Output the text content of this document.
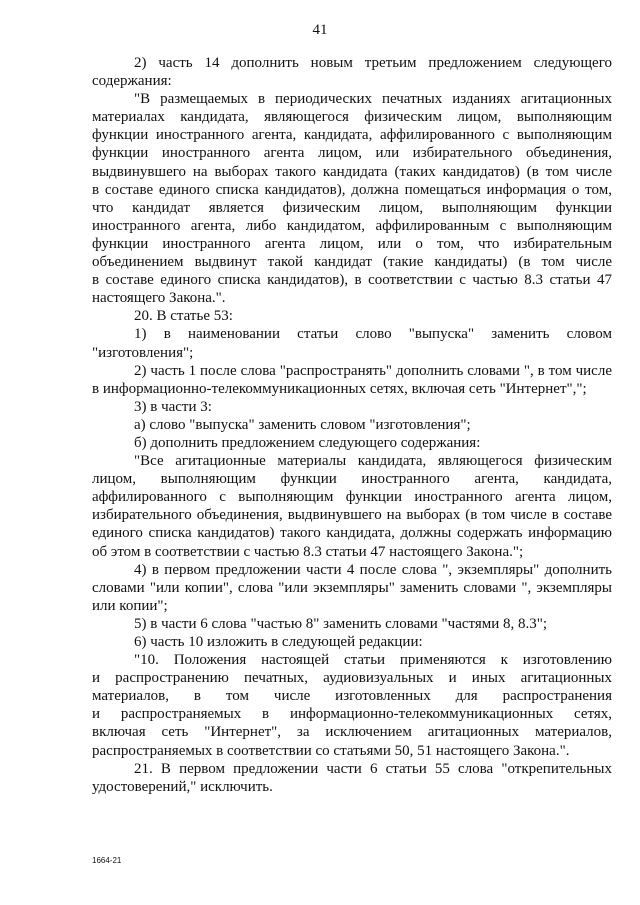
41

2) часть 14 дополнить новым третьим предложением следующего

содержания:

"В размещаемых в периодических печатных изданиях агитационных

материалах кандидата, являющегося физическим лицом, выполняющим

функции иностранного агента, кандидата, аффилированного с выполняющим

функции иностранного агента лицом, или избирательного объединения,

выдвинувшего на выборах такого кандидата (таких кандидатов) (в том числе

в составе единого списка кандидатов), должна помещаться информация о том,

что кандидат является физическим лицом, выполняющим функции

иностранного агента, либо кандидатом, аффилированным с выполняющим

функции иностранного агента лицом, или о том, что избирательным

объединением выдвинут такой кандидат (такие кандидаты) (в том числе

в составе единого списка кандидатов), в соответствии с частью 8.3 статьи 47

настоящего Закона.".

20. В статье 53:

1) в наименовании статьи слово "выпуска" заменить словом

"изготовления";

2) часть 1 после слова "распространять" дополнить словами ", в том числе

в информационно-телекоммуникационных сетях, включая сеть "Интернет",";

3) в части 3:

а) слово "выпуска" заменить словом "изготовления";

б) дополнить предложением следующего содержания:

"Все агитационные материалы кандидата, являющегося физическим

лицом, выполняющим функции иностранного агента, кандидата,

аффилированного с выполняющим функции иностранного агента лицом,

избирательного объединения, выдвинувшего на выборах (в том числе в составе

единого списка кандидатов) такого кандидата, должны содержать информацию

об этом в соответствии с частью 8.3 статьи 47 настоящего Закона.";

4) в первом предложении части 4 после слова ", экземпляры" дополнить

словами "или копии", слова "или экземпляры" заменить словами ", экземпляры

или копии";

5) в части 6 слова "частью 8" заменить словами "частями 8, 8.3";

6) часть 10 изложить в следующей редакции:

"10. Положения настоящей статьи применяются к изготовлению

и распространению печатных, аудиовизуальных и иных агитационных

материалов, в том числе изготовленных для распространения

и распространяемых в информационно-телекоммуникационных сетях,

включая сеть "Интернет", за исключением агитационных материалов,

распространяемых в соответствии со статьями 50, 51 настоящего Закона.".

21. В первом предложении части 6 статьи 55 слова "открепительных

удостоверений," исключить.

1664-21
